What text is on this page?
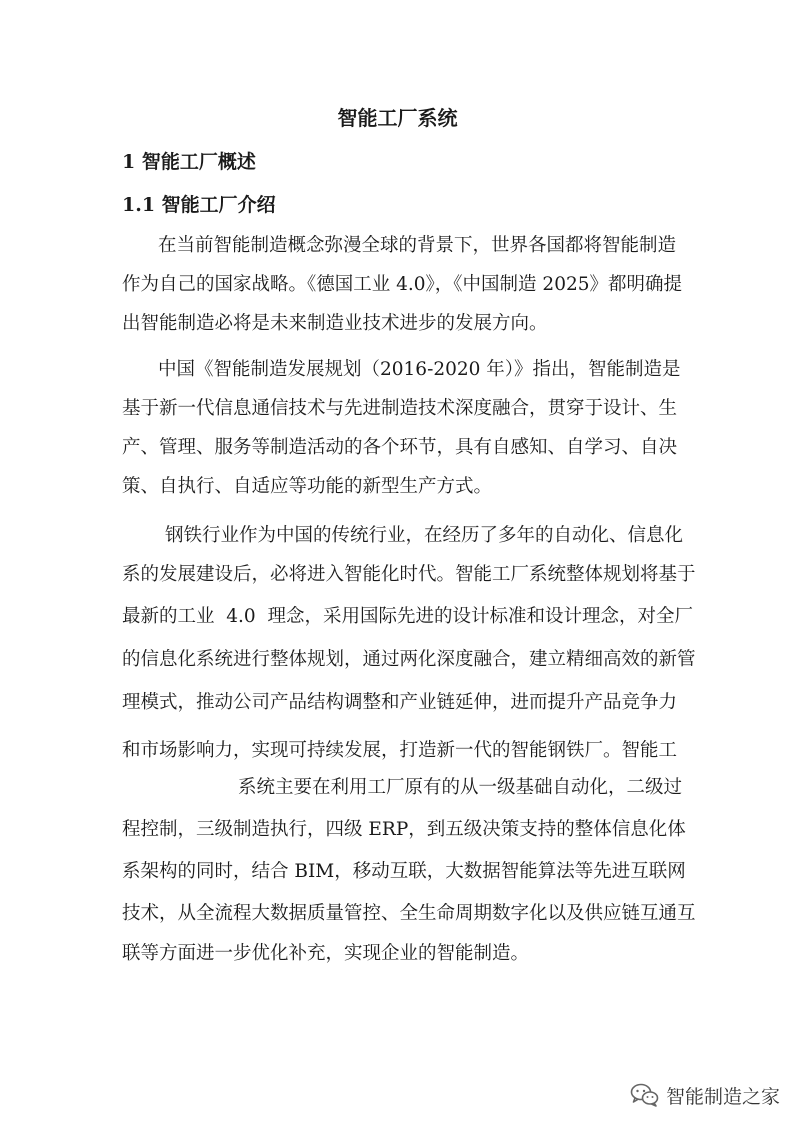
智能工厂系统
1 智能工厂概述
1.1 智能工厂介绍
在当前智能制造概念弥漫全球的背景下，世界各国都将智能制造
作为自己的国家战略。《德国工业 4.0》，《中国制造 2025》都明确提
出智能制造必将是未来制造业技术进步的发展方向。
中国《智能制造发展规划（2016-2020 年）》指出，智能制造是
基于新一代信息通信技术与先进制造技术深度融合，贯穿于设计、生
产、管理、服务等制造活动的各个环节，具有自感知、自学习、自决
策、自执行、自适应等功能的新型生产方式。
钢铁行业作为中国的传统行业，在经历了多年的自动化、信息化
系的发展建设后，必将进入智能化时代。智能工厂系统整体规划将基于
最新的工业  4.0  理念，采用国际先进的设计标准和设计理念，对全厂
的信息化系统进行整体规划，通过两化深度融合，建立精细高效的新管
理模式，推动公司产品结构调整和产业链延伸，进而提升产品竞争力
和市场影响力，实现可持续发展，打造新一代的智能钢铁厂。智能工
系统主要在利用工厂原有的从一级基础自动化，二级过
程控制，三级制造执行，四级 ERP，到五级决策支持的整体信息化体
系架构的同时，结合 BIM，移动互联，大数据智能算法等先进互联网
技术，从全流程大数据质量管控、全生命周期数字化以及供应链互通互
联等方面进一步优化补充，实现企业的智能制造。
智能制造之家
